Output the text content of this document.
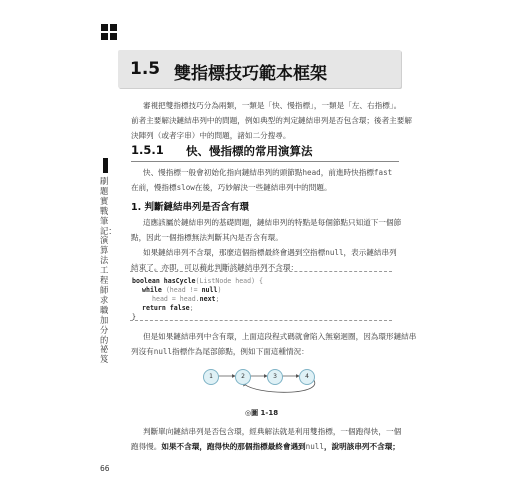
1.5 雙指標技巧範本框架
審視把雙指標技巧分為兩類，一類是「快、慢指標」，一類是「左、右指標」。
前者主要解決鏈結串列中的問題，例如典型的判定鏈結串列是否包含環；後者主要解
決陣列（或者字串）中的問題，諸如二分搜尋。
1.5.1 快、慢指標的常用演算法
快、慢指標一般會初始化指向鏈結串列的頭節點head，前進時快指標fast
在前，慢指標slow在後，巧妙解決一些鏈結串列中的問題。
1. 判斷鏈結串列是否含有環
這應該屬於鏈結串列的基礎問題，鏈結串列的特點是每個節點只知道下一個節
點，因此一個指標無法判斷其內是否含有環。
如果鏈結串列不含環，那麼這個指標最終會遇到空指標null，表示鏈結串列
結束了。亦即，可以藉此判斷該鏈結串列不含環：
boolean hasCycle(ListNode head) {
while (head != null)
head = head.next;
return false;
}
但是如果鏈結串列中含有環，上面這段程式碼就會陷入無窮迴圈，因為環形鏈結串
列沒有null指標作為尾部節點，例如下面這種情況：
1	2	3	4
◎圖 1-18
判斷單向鏈結串列是否包含環，經典解法就是利用雙指標，一個跑得快，一個
跑得慢。如果不含環，跑得快的那個指標最終會遇到null，說明該串列不含環；
刷題實戰筆記：演算法工程師求職加分的祕笈
66
